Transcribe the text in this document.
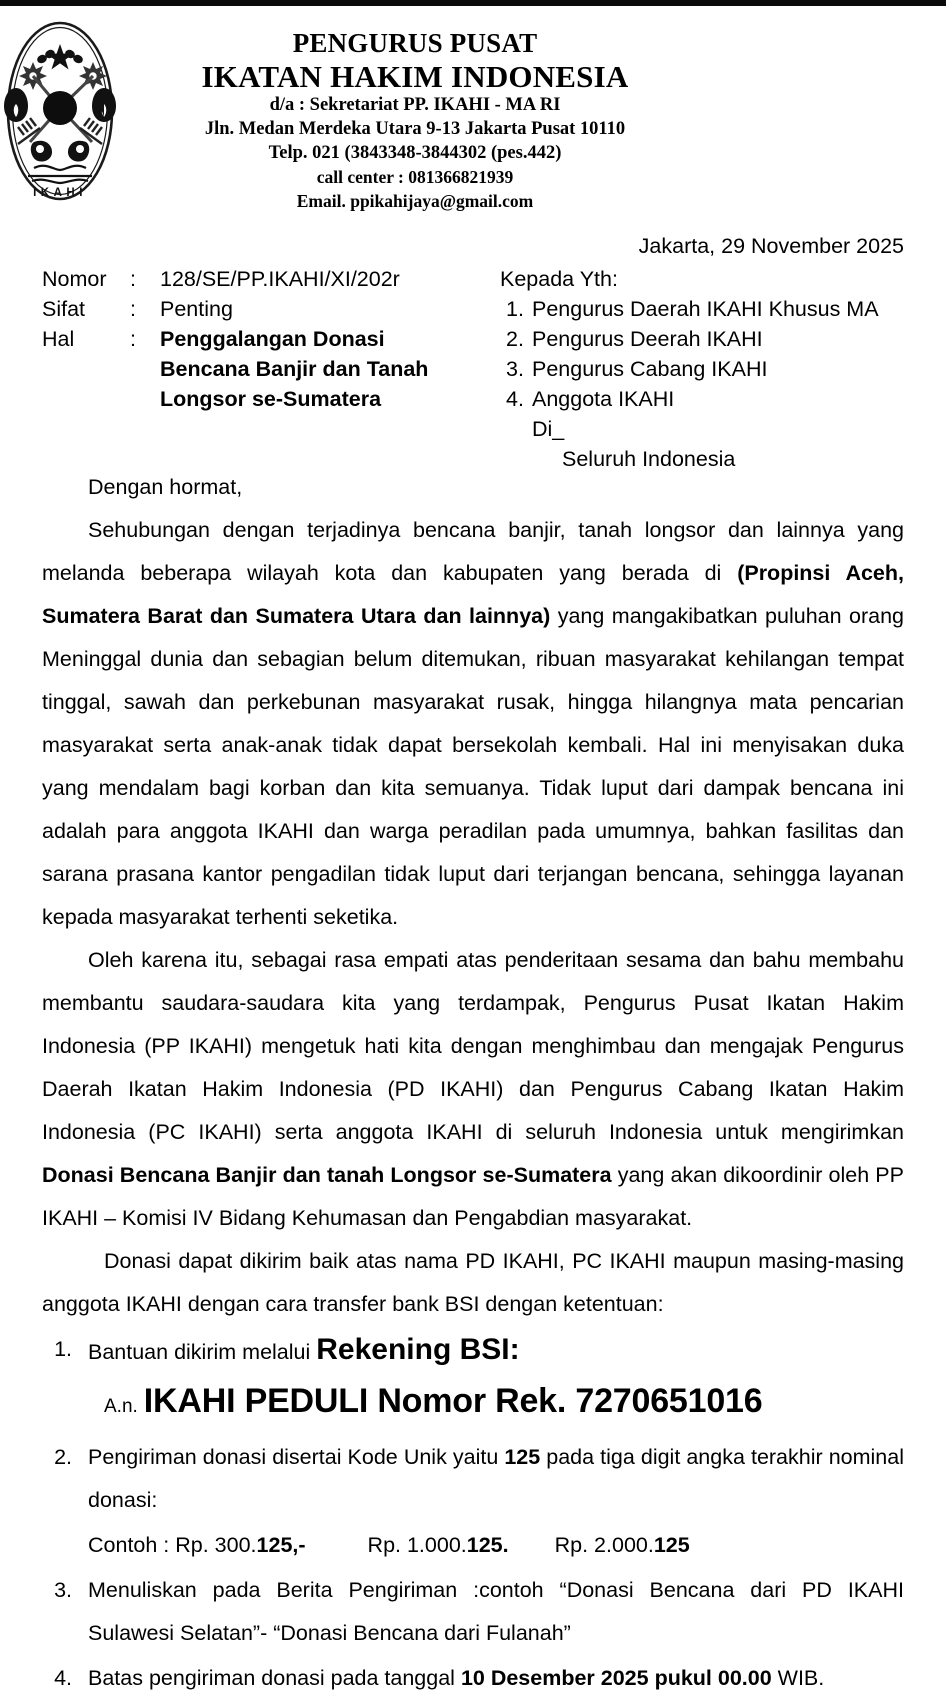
IKAHI
PENGURUS PUSAT
IKATAN HAKIM INDONESIA
d/a : Sekretariat PP. IKAHI - MA RI
Jln. Medan Merdeka Utara 9-13 Jakarta Pusat 10110
Telp. 021 (3843348-3844302 (pes.442)
call center : 081366821939
Email. ppikahijaya@gmail.com
Jakarta, 29 November 2025
Nomor	:	128/SE/PP.IKAHI/XI/202r
Sifat	:	Penting
Hal	:	Penggalangan Donasi
Bencana Banjir dan Tanah
Longsor se-Sumatera
Kepada Yth:
1. Pengurus Daerah IKAHI Khusus MA
2. Pengurus Deerah IKAHI
3. Pengurus Cabang IKAHI
4. Anggota IKAHI
Di_
Seluruh Indonesia

Dengan hormat,

Sehubungan dengan terjadinya bencana banjir, tanah longsor dan lainnya yang melanda beberapa wilayah kota dan kabupaten yang berada di (Propinsi Aceh, Sumatera Barat dan Sumatera Utara dan lainnya) yang mangakibatkan puluhan orang Meninggal dunia dan sebagian belum ditemukan, ribuan masyarakat kehilangan tempat tinggal, sawah dan perkebunan masyarakat rusak, hingga hilangnya mata pencarian masyarakat serta anak-anak tidak dapat bersekolah kembali. Hal ini menyisakan duka yang mendalam bagi korban dan kita semuanya. Tidak luput dari dampak bencana ini adalah para anggota IKAHI dan warga peradilan pada umumnya, bahkan fasilitas dan sarana prasana kantor pengadilan tidak luput dari terjangan bencana, sehingga layanan kepada masyarakat terhenti seketika.

Oleh karena itu, sebagai rasa empati atas penderitaan sesama dan bahu membahu membantu saudara-saudara kita yang terdampak, Pengurus Pusat Ikatan Hakim Indonesia (PP IKAHI) mengetuk hati kita dengan menghimbau dan mengajak Pengurus Daerah Ikatan Hakim Indonesia (PD IKAHI) dan Pengurus Cabang Ikatan Hakim Indonesia (PC IKAHI) serta anggota IKAHI di seluruh Indonesia untuk mengirimkan Donasi Bencana Banjir dan tanah Longsor se-Sumatera yang akan dikoordinir oleh PP IKAHI – Komisi IV Bidang Kehumasan dan Pengabdian masyarakat.

Donasi dapat dikirim baik atas nama PD IKAHI, PC IKAHI maupun masing-masing anggota IKAHI dengan cara transfer bank BSI dengan ketentuan:

1. Bantuan dikirim melalui Rekening BSI:
A.n. IKAHI PEDULI Nomor Rek. 7270651016
2. Pengiriman donasi disertai Kode Unik yaitu 125 pada tiga digit angka terakhir nominal donasi:
Contoh : Rp. 300.125,-	Rp. 1.000.125. Rp. 2.000.125
3. Menuliskan pada Berita Pengiriman :contoh “Donasi Bencana dari PD IKAHI Sulawesi Selatan”- “Donasi Bencana dari Fulanah”
4. Batas pengiriman donasi pada tanggal 10 Desember 2025 pukul 00.00 WIB.
